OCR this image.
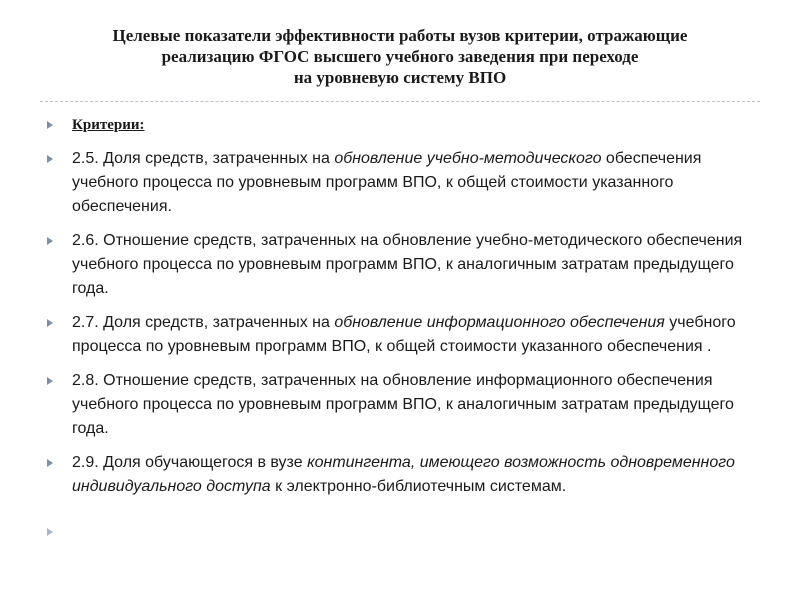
Целевые показатели эффективности работы вузов критерии, отражающие
реализацию ФГОС высшего учебного заведения при переходе
на уровневую систему ВПО
Критерии:
2.5. Доля средств, затраченных на обновление учебно-методического обеспечения учебного процесса по уровневым программ ВПО, к общей стоимости указанного обеспечения.
2.6. Отношение средств, затраченных на обновление учебно-методического обеспечения учебного процесса по уровневым программ ВПО, к аналогичным затратам предыдущего года.
2.7. Доля средств, затраченных на обновление информационного обеспечения учебного процесса по уровневым программ ВПО, к общей стоимости указанного обеспечения .
2.8. Отношение средств, затраченных на обновление информационного обеспечения учебного процесса по уровневым программ ВПО, к аналогичным затратам предыдущего года.
2.9. Доля обучающегося в вузе контингента, имеющего возможность одновременного индивидуального доступа к электронно-библиотечным системам.
